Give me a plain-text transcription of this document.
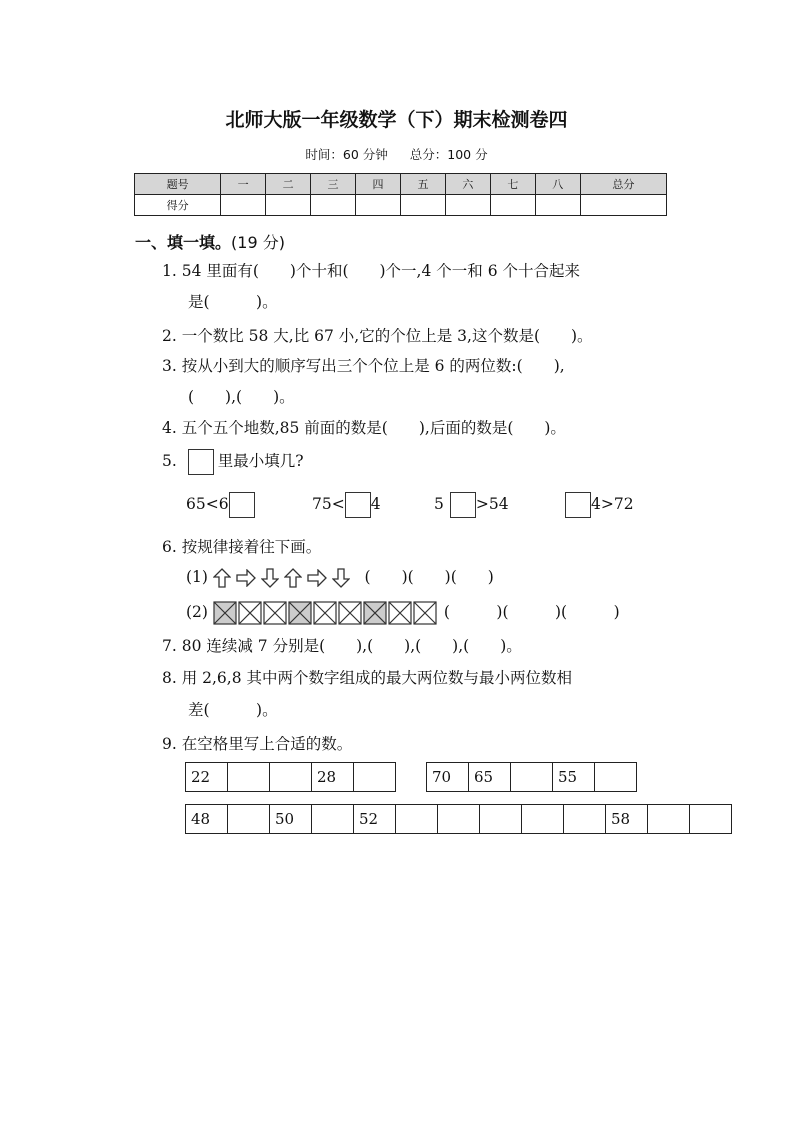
北师大版一年级数学（下）期末检测卷四
时间：60 分钟 总分：100 分
题号	一	二	三	四	五	六	七	八	总分
得分									
一、填一填。(19 分)
1. 54 里面有(　　)个十和(　　)个一,4 个一和 6 个十合起来
是(　　　)。
2. 一个数比 58 大,比 67 小,它的个位上是 3,这个数是(　　)。
3. 按从小到大的顺序写出三个个位上是 6 的两位数:(　　),
(　　),(　　)。
4. 五个五个地数,85 前面的数是(　　),后面的数是(　　)。
5.	里最小填几?
65<6	75< 4	5 >54	4>72
6. 按规律接着往下画。
(1)	(　　)(　　)(　　)
(2)	(　　　)(　　　)(　　　)
7. 80 连续减 7 分别是(　　),(　　),(　　),(　　)。
8. 用 2,6,8 其中两个数字组成的最大两位数与最小两位数相
差(　　　)。
9. 在空格里写上合适的数。
22			28		70	65		55	
48		50		52						58		
